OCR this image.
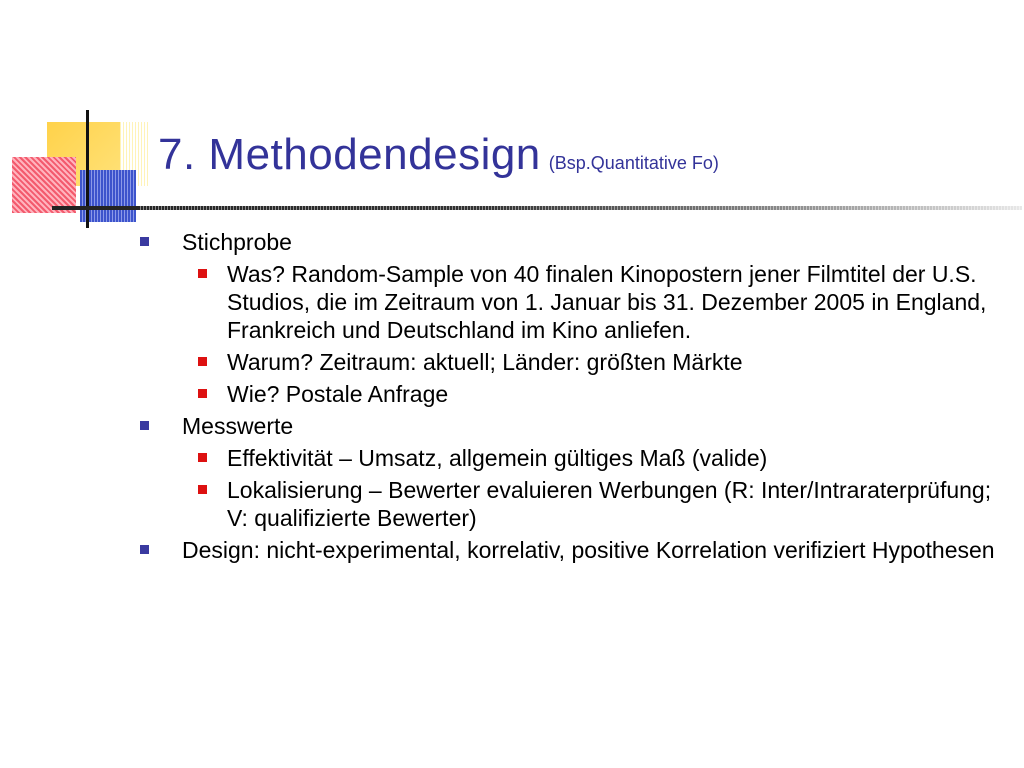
7. Methodendesign (Bsp.Quantitative Fo)
Stichprobe
Was? Random-Sample von 40 finalen Kinopostern jener Filmtitel der U.S. Studios, die im Zeitraum von 1. Januar bis 31. Dezember 2005 in England, Frankreich und Deutschland im Kino anliefen.
Warum? Zeitraum: aktuell; Länder: größten Märkte
Wie? Postale Anfrage
Messwerte
Effektivität – Umsatz, allgemein gültiges Maß (valide)
Lokalisierung – Bewerter evaluieren Werbungen (R: Inter/Intraraterprüfung; V: qualifizierte Bewerter)
Design: nicht-experimental, korrelativ, positive Korrelation verifiziert Hypothesen
